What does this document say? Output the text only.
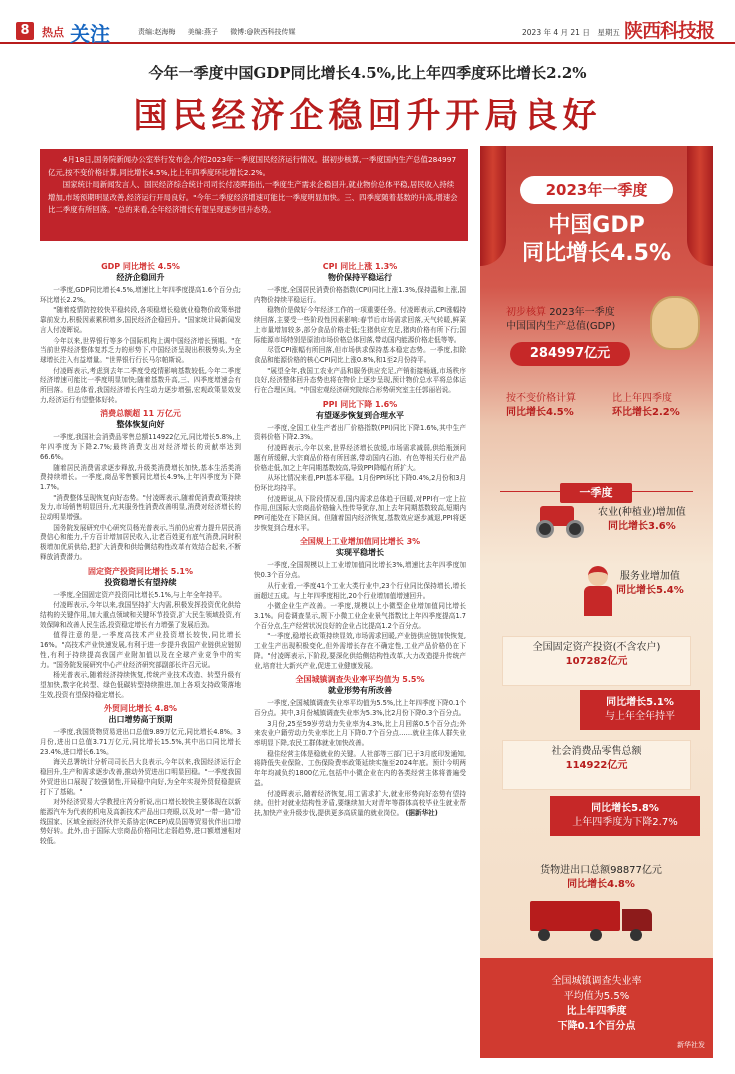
8	热点 关注	责编:赵海梅 美编:燕子 微博:@陕西科技传媒	2023 年 4 月 21 日　星期五 陕西科技报
今年一季度中国GDP同比增长4.5%,比上年四季度环比增长2.2%
国民经济企稳回升开局良好

4月18日,国务院新闻办公室举行发布会,介绍2023年一季度国民经济运行情况。据初步核算,一季度国内生产总值284997亿元,按不变价格计算,同比增长4.5%,比上年四季度环比增长2.2%。

国家统计局新闻发言人、国民经济综合统计司司长付凌晖指出,一季度生产需求企稳回升,就业物价总体平稳,居民收入持续增加,市场预期明显改善,经济运行开局良好。"今年二季度经济增速可能比一季度明显加快。三、四季度随着基数的升高,增速会比二季度有所回落。"总的来看,全年经济增长有望呈现逐步回升态势。

GDP 同比增长 4.5%
经济企稳回升

一季度,GDP同比增长4.5%,增速比上年四季度提高1.6个百分点;环比增长2.2%。

"随着疫情防控较快平稳转段,各项稳增长稳就业稳物价政策举措靠前发力,积极因素累积增多,国民经济企稳回升。"国家统计局新闻发言人付凌晖说。

今年以来,世界银行等多个国际机构上调中国经济增长预期。"在当前世界经济整体复苏乏力的形势下,中国经济呈现出积极势头,为全球增长注入有益增量。"世界银行行长马尔帕斯说。

付凌晖表示,考虑到去年二季度受疫情影响基数较低,今年二季度经济增速可能比一季度明显加快;随着基数升高,三、四季度增速会有所回落。但总体看,我国经济增长内生动力逐步增强,宏观政策显效发力,经济运行有望整体好转。

消费总额超 11 万亿元
整体恢复向好

一季度,我国社会消费品零售总额114922亿元,同比增长5.8%,上年四季度为下降2.7%;最终消费支出对经济增长的贡献率达到66.6%。

随着居民消费需求逐步释放,升级类消费增长加快,基本生活类消费持续增长。一季度,商品零售额同比增长4.9%,上年四季度为下降1.7%。

"消费整体呈现恢复向好态势。"付凌晖表示,随着促消费政策持续发力,市场销售明显回升,尤其服务性消费改善明显,消费对经济增长的拉动明显增强。

国务院发展研究中心研究员杨光普表示,当前仍应着力提升居民消费信心和能力,千方百计增加居民收入,让老百姓更有底气消费,同时积极增加优质供给,把扩大消费和供给侧结构性改革有效结合起来,不断释放消费潜力。

固定资产投资同比增长 5.1%
投资稳增长有望持续

一季度,全国固定资产投资同比增长5.1%,与上年全年持平。

付凌晖表示,今年以来,我国坚持扩大内需,积极发挥投资优化供给结构的关键作用,加大重点领域和关键环节投资,扩大民生领域投资,有效保障和改善人民生活,投资稳定增长有力增强了发展后劲。

值得注意的是,一季度高技术产业投资增长较快,同比增长16%。"高技术产业快速发展,有利于进一步提升我国产业链供应链韧性,有利于持续提高我国产业附加值以及在全球产业竞争中的实力。"国务院发展研究中心产业经济研究部副部长许召元说。

杨光普表示,随着经济持续恢复,传统产业技术改造、转型升级有望加快,数字化转型、绿色低碳转型持续推进,加上各项支持政策落地生效,投资有望保持稳定增长。

外贸同比增长 4.8%
出口增势高于预期

一季度,我国货物贸易进出口总值9.89万亿元,同比增长4.8%。3月份,进出口总值3.71万亿元,同比增长15.5%,其中出口同比增长23.4%,进口增长6.1%。

海关总署统计分析司司长吕大良表示,今年以来,我国经济运行企稳回升,生产和需求逐步改善,推动外贸进出口明显回稳。"一季度我国外贸进出口展现了较强韧性,开局稳中向好,为全年实现外贸促稳提质打下了基础。"

对外经济贸易大学教授庄芮分析说,出口增长较快主要体现在以新能源汽车为代表的机电及高新技术产品出口亮眼,以及对"一带一路"沿线国家、区域全面经济伙伴关系协定(RCEP)成员国等贸易伙伴出口增势好转。此外,由于国际大宗商品价格同比走弱趋势,进口额增速相对较低。

CPI 同比上涨 1.3%
物价保持平稳运行

一季度,全国居民消费价格指数(CPI)同比上涨1.3%,保持温和上涨,国内物价持续平稳运行。

稳物价是做好今年经济工作的一项重要任务。付凌晖表示,CPI涨幅持续回落,主要受一些阶段性因素影响:春节后市场需求回落,天气转暖,鲜菜上市量增加较多,部分食品价格走低;生猪供应充足,猪肉价格有所下行;国际能源市场特别是原油市场价格总体回落,带动国内能源价格走低等等。

尽管CPI涨幅有所回落,但市场供求保持基本稳定态势。一季度,扣除食品和能源价格的核心CPI同比上涨0.8%,和1至2月份持平。

"展望全年,我国工农业产品和服务供应充足,产销衔接畅通,市场秩序良好,经济整体回升态势也将在物价上逐步呈现,预计物价总水平将总体运行在合理区间。"中国宏观经济研究院综合形势研究室主任郭丽岩说。

PPI 同比下降 1.6%
有望逐步恢复到合理水平

一季度,全国工业生产者出厂价格指数(PPI)同比下降1.6%,其中生产资料价格下降2.3%。

付凌晖表示,今年以来,世界经济增长放缓,市场需求减弱,供给瓶颈问题有所缓解,大宗商品价格有所回落,带动国内石油、有色等相关行业产品价格走低,加之上年同期基数较高,导致PPI降幅有所扩大。

从环比情况来看,PPI基本平稳。1月份PPI环比下降0.4%,2月份和3月份环比均持平。

付凌晖说,从下阶段情况看,国内需求总体趋于回暖,对PPI有一定上拉作用,但国际大宗商品价格输入性传导犹存,加上去年同期基数较高,短期内PPI可能处在下降区间。但随着国内经济恢复,基数效应逐步减退,PPI将逐步恢复到合理水平。

全国规上工业增加值同比增长 3%
实现平稳增长

一季度,全国规模以上工业增加值同比增长3%,增速比去年四季度加快0.3个百分点。

从行业看,一季度41个工业大类行业中,23个行业同比保持增长,增长面超过五成。与上年四季度相比,20个行业增加值增速回升。

小微企业生产改善。一季度,规模以上小微型企业增加值同比增长3.1%。问卷调查显示,规下小微工业企业景气指数比上年四季度提高1.7个百分点,生产经营状况良好的企业占比提高1.2个百分点。

"一季度,稳增长政策持续显效,市场需求回暖,产业链供应链加快恢复,工业生产出现积极变化,但外需增长存在不确定性,工业产品价格仍在下降。"付凌晖表示,下阶段,要深化供给侧结构性改革,大力改造提升传统产业,培育壮大新兴产业,促进工业健康发展。

全国城镇调查失业率平均值为 5.5%
就业形势有所改善

一季度,全国城镇调查失业率平均值为5.5%,比上年四季度下降0.1个百分点。其中,3月份城镇调查失业率为5.3%,比2月份下降0.3个百分点。

3月份,25至59岁劳动力失业率为4.3%,比上月回落0.5个百分点;外来农业户籍劳动力失业率比上月下降0.7个百分点……就业主体人群失业率明显下降,农民工群体就业加快改善。

稳住经营主体是稳就业的关键。人社部等三部门已于3月底印发通知,将降低失业保险、工伤保险费率政策延续实施至2024年底。预计今明两年年均减负约1800亿元,包括中小微企业在内的各类经营主体将普遍受益。

付凌晖表示,随着经济恢复,用工需求扩大,就业形势向好态势有望持续。但针对就业结构性矛盾,要继续加大对青年等群体高校毕业生就业帮扶,加快产业升级步伐,提供更多高质量的就业岗位。 (据新华社)

2023年一季度
中国GDP
同比增长4.5%
初步核算 2023年一季度
中国国内生产总值(GDP)
284997亿元
按不变价格计算
同比增长4.5%
比上年四季度
环比增长2.2%
一季度
农业(种植业)增加值
同比增长3.6%
服务业增加值
同比增长5.4%
全国固定资产投资(不含农户)
107282亿元
同比增长5.1%
与上年全年持平
社会消费品零售总额
114922亿元
同比增长5.8%
上年四季度为下降2.7%
货物进出口总额98877亿元
同比增长4.8%
全国城镇调查失业率
平均值为5.5%
比上年四季度
下降0.1个百分点
新华社发
